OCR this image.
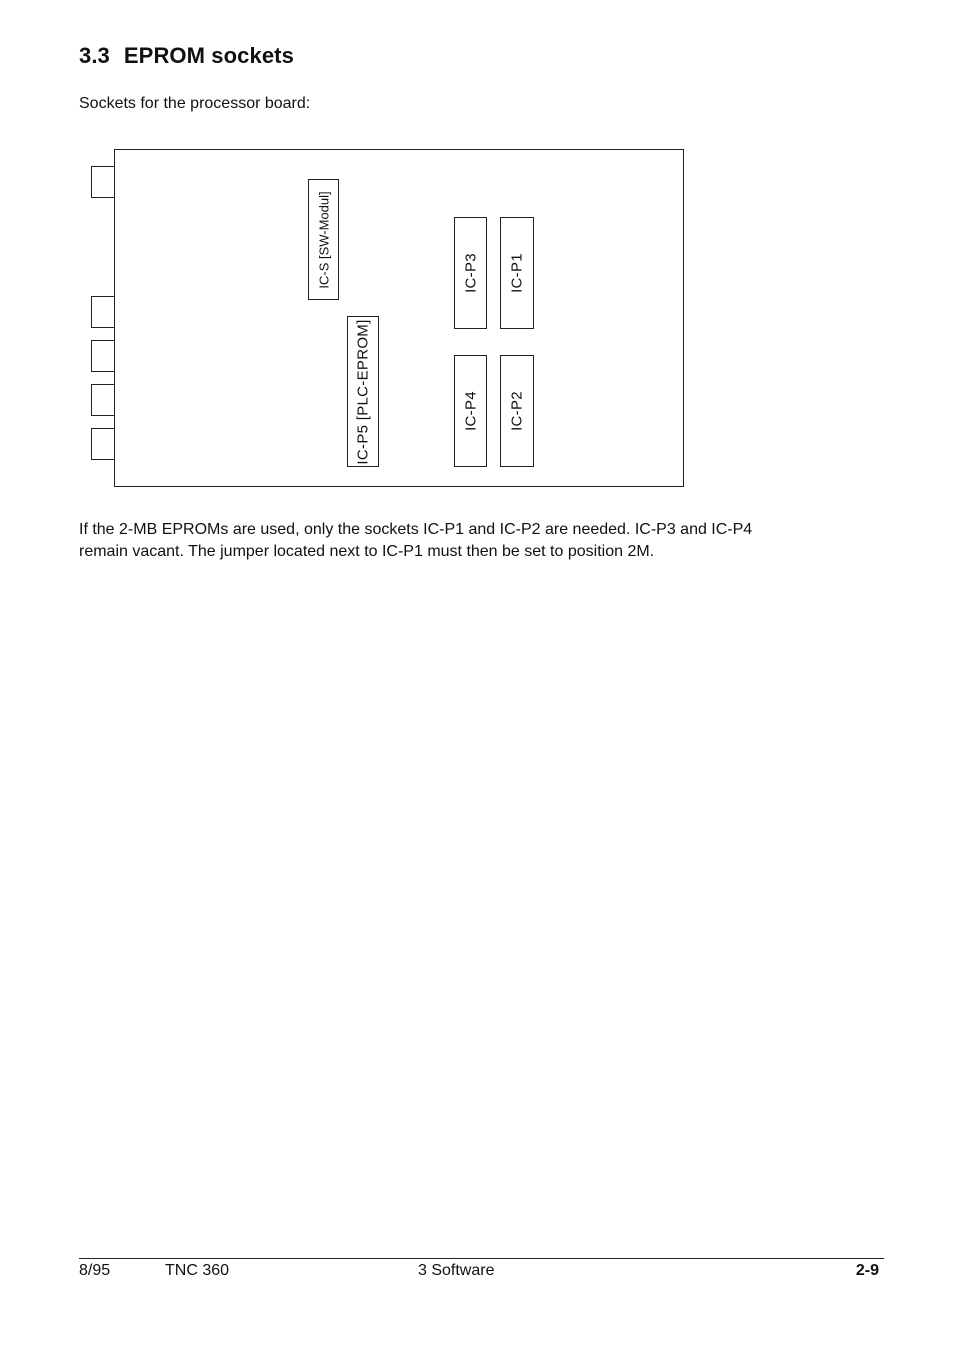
3.3 EPROM sockets
Sockets for the processor board:
IC-S [SW-Modul]
IC-P5 [PLC-EPROM]
IC-P3 IC-P1
IC-P4 IC-P2

If the 2-MB EPROMs are used, only the sockets IC-P1 and IC-P2 are needed. IC-P3 and IC-P4

remain vacant. The jumper located next to IC-P1 must then be set to position 2M.

8/95	TNC 360	3 Software	2-9
